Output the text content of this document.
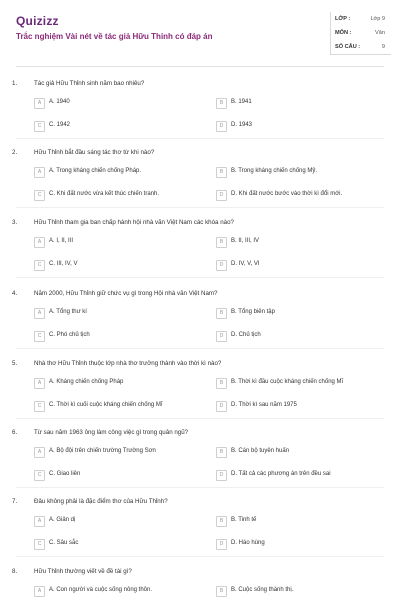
Quizizz
Trắc nghiệm Vài nét về tác giả Hữu Thỉnh có đáp án
LỚP :	Lớp 9
MÔN :	Văn
SỐ CÂU :	9
1.	Tác giả Hữu Thỉnh sinh năm bao nhiêu?
A	A. 1940	B	B. 1941
C	C. 1942	D	D. 1943
2.	Hữu Thỉnh bắt đầu sáng tác thơ từ khi nào?
A	A. Trong kháng chiến chống Pháp.	B	B. Trong kháng chiến chống Mỹ.
C	C. Khi đất nước vừa kết thúc chiến tranh.	D	D. Khi đất nước bước vào thời kì đổi mới.
3.	Hữu Thỉnh tham gia ban chấp hành hội nhà văn Việt Nam các khóa nào?
A	A. I, II, III	B	B. II, III, IV
C	C. III, IV, V	D	D. IV, V, VI
4.	Năm 2000, Hữu Thỉnh giữ chức vụ gì trong Hội nhà văn Việt Nam?
A	A. Tổng thư kí	B	B. Tổng biên tập
C	C. Phó chủ tịch	D	D. Chủ tịch
5.	Nhà thơ Hữu Thỉnh thuộc lớp nhà thơ trưởng thành vào thời kì nào?
A	A. Kháng chiến chống Pháp	B	B. Thời kì đầu cuộc kháng chiến chống Mĩ
C	C. Thời kì cuối cuộc kháng chiến chống Mĩ	D	D. Thời kì sau năm 1975
6.	Từ sau năm 1963 ông làm công việc gì trong quân ngũ?
A	A. Bộ đội trên chiến trường Trường Sơn	B	B. Cán bộ tuyên huấn
C	C. Giao liên	D	D. Tất cả các phương án trên đều sai
7.	Đâu không phải là đặc điểm thơ của Hữu Thỉnh?
A	A. Giản dị	B	B. Tinh tế
C	C. Sâu sắc	D	D. Hào hùng
8.	Hữu Thỉnh thường viết về đề tài gì?
A	A. Con người và cuộc sống nông thôn.	B	B. Cuộc sống thành thị.
